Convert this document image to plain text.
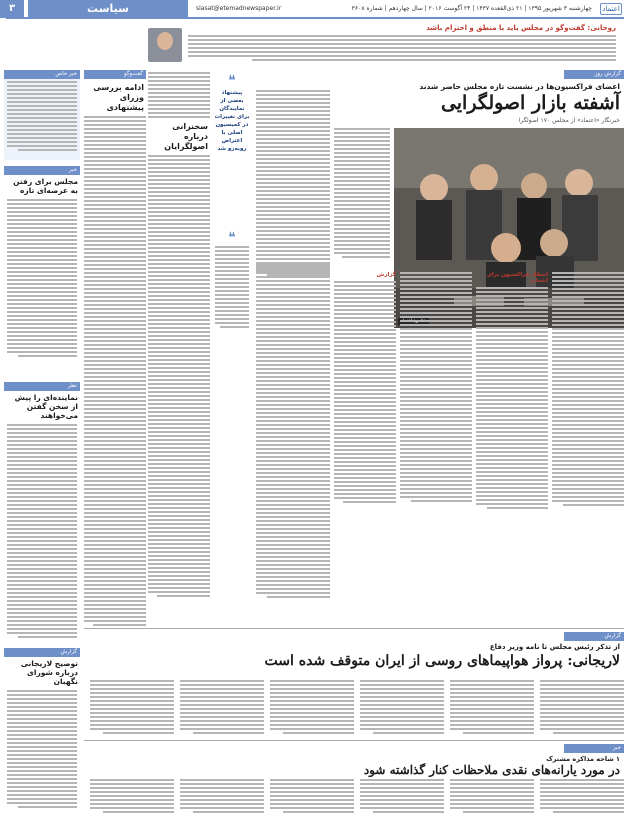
اعتماد
چهارشنبه ۳ شهریور ۱۳۹۵ | ۲۱ ذی‌القعده ۱۴۳۷ | ۲۴ آگوست ۲۰۱۶ | سال چهاردهم | شماره ۳۶۰۸
siasat@etemadnewspaper.ir
سیاست
۳
روحانی: گفت‌وگو در مجلس باید با منطق و احترام باشد
خبر خاص
خبر
مجلس برای رفتن به عرصه‌ای تازه
نظر
نماینده‌ای را پیش از سخن گفتن می‌خواهند
گزارش
توضیح لاریجانی درباره شورای نگهبان
گفت‌وگو
ادامه بررسی وزرای پیشنهادی
سخنرانی درباره اصولگرایان
❝
پیشنهاد بعضی از نمایندگان برای تغییرات در کمیسیون اصلی با اعتراض روبه‌رو شد
❝
گزارش روز
اعضای فراکسیون‌ها در نشست تازه مجلس حاضر شدند
آشفته بازار اصولگرایی
خبرنگار «اعتماد» از مجلس ۱۷۰ اصولگرا
انتظار فراکسیون برای انتخاب
گزارش
گزارش
از تذکر رئیس مجلس تا نامه وزیر دفاع
لاریجانی: پرواز هواپیماهای روسی از ایران متوقف شده است
خبر
۱ شاخه مذاکره مشترک
در مورد یارانه‌های نقدی ملاحظات کنار گذاشته شود
